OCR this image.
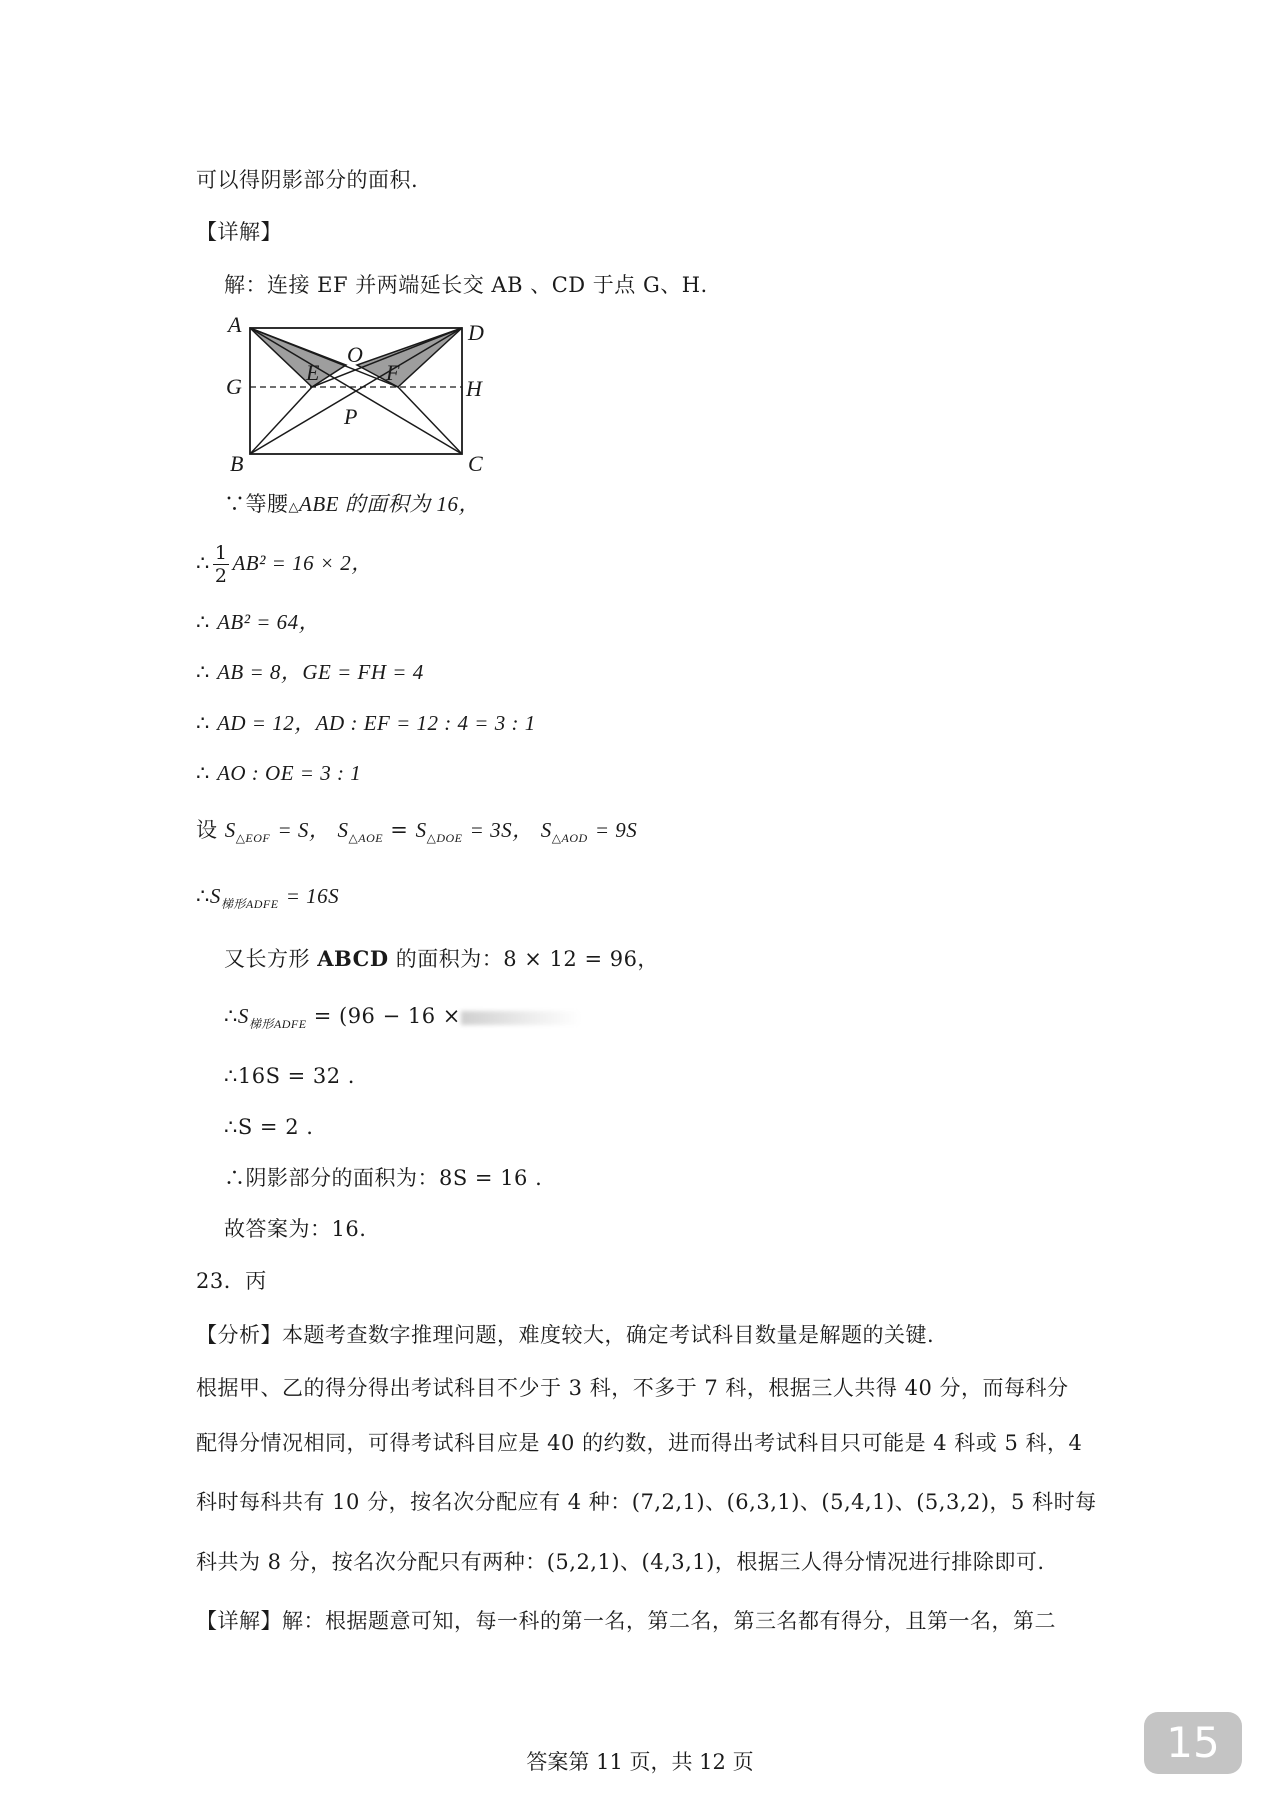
可以得阴影部分的面积.
【详解】
解：连接 EF 并两端延长交 AB 、CD 于点 G、H.
A	D
G	H
B	C
E	F
O
P
∵等腰△ABE 的面积为 16，
∴ $\frac{1}{2} AB^2 = 16 \times 2$，
∴ AB² = 64，
∴ AB = 8，GE = FH = 4
∴ AD = 12，AD : EF = 12 : 4 = 3 : 1
∴ AO : OE = 3 : 1
设 $S_{\triangle EOF} = S$， $S_{\triangle AOE} = S_{\triangle DOE} = 3S$， $S_{\triangle AOD} = 9S$
$\therefore S_{梯形ADFE} = 16S$
又长方形 ABCD 的面积为：8 × 12 = 96，
$\therefore S_{梯形ADFE} = (96 - 16$ ×
∴16S = 32 .
∴S = 2 .
∴阴影部分的面积为：8S = 16 .
故答案为：16.
23．丙
【分析】本题考查数字推理问题，难度较大，确定考试科目数量是解题的关键.
根据甲、乙的得分得出考试科目不少于 3 科，不多于 7 科，根据三人共得 40 分，而每科分
配得分情况相同，可得考试科目应是 40 的约数，进而得出考试科目只可能是 4 科或 5 科，4
科时每科共有 10 分，按名次分配应有 4 种：(7,2,1)、(6,3,1)、(5,4,1)、(5,3,2)，5 科时每
科共为 8 分，按名次分配只有两种：(5,2,1)、(4,3,1)，根据三人得分情况进行排除即可.
【详解】解：根据题意可知，每一科的第一名，第二名，第三名都有得分，且第一名，第二
答案第 11 页，共 12 页	15
